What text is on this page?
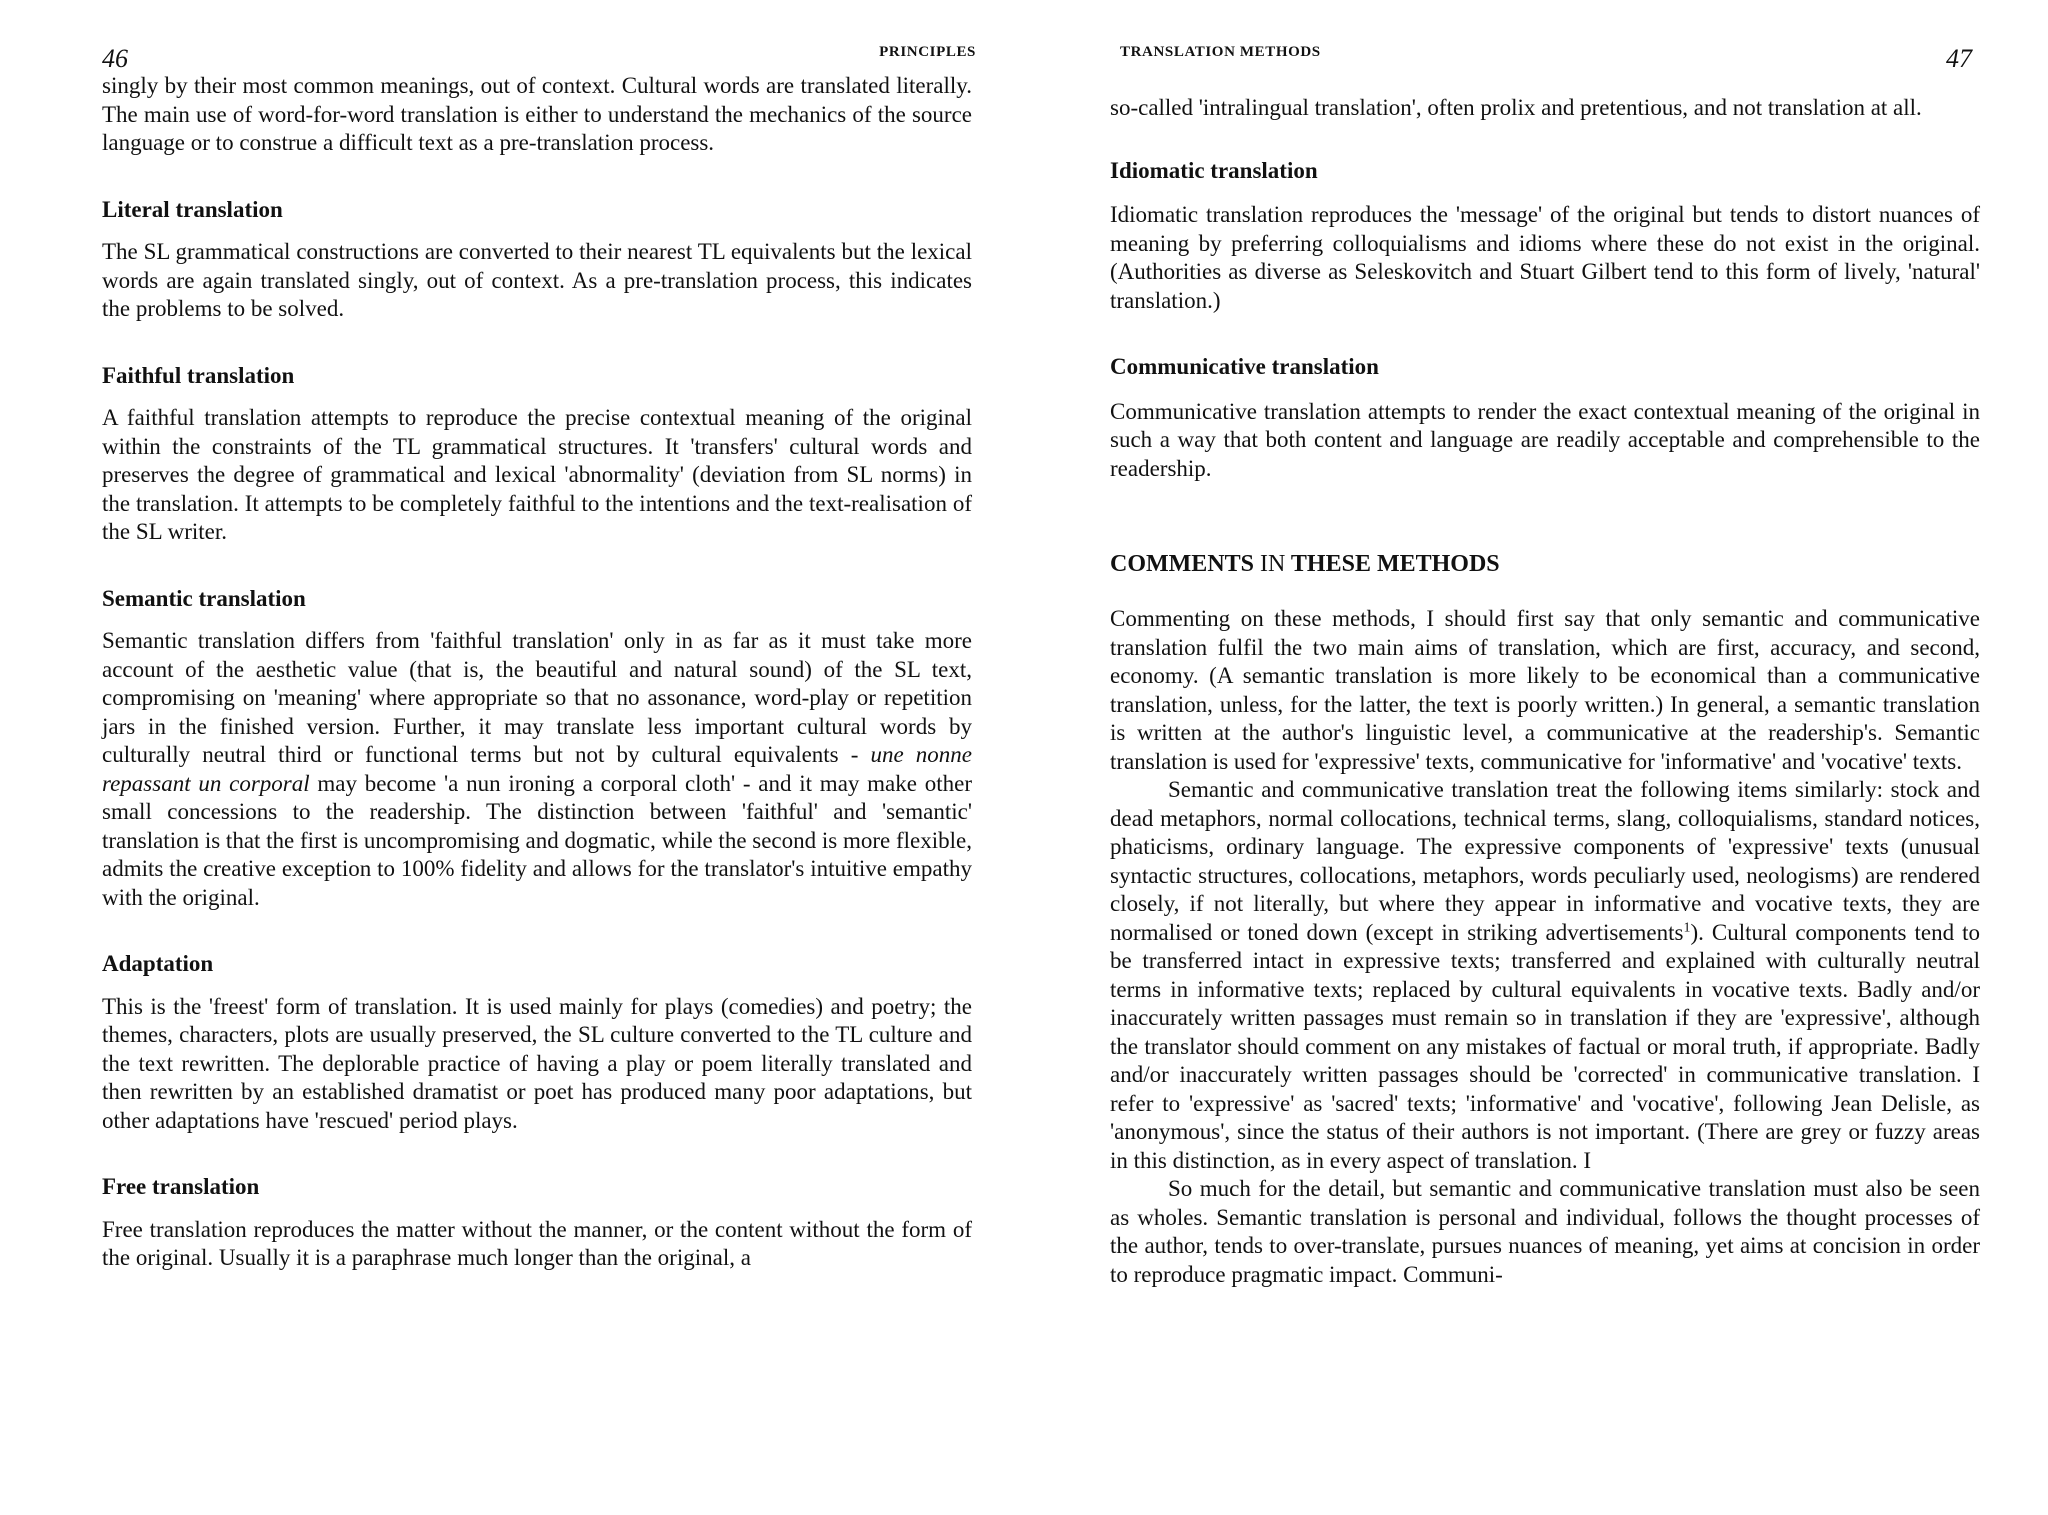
46	PRINCIPLES

singly by their most common meanings, out of context. Cultural words are translated literally. The main use of word-for-word translation is either to understand the mechanics of the source language or to construe a difficult text as a pre-translation process.

Literal translation

The SL grammatical constructions are converted to their nearest TL equivalents but the lexical words are again translated singly, out of context. As a pre-translation process, this indicates the problems to be solved.

Faithful translation

A faithful translation attempts to reproduce the precise contextual meaning of the original within the constraints of the TL grammatical structures. It 'transfers' cultural words and preserves the degree of grammatical and lexical 'abnormality' (deviation from SL norms) in the translation. It attempts to be completely faithful to the intentions and the text-realisation of the SL writer.

Semantic translation

Semantic translation differs from 'faithful translation' only in as far as it must take more account of the aesthetic value (that is, the beautiful and natural sound) of the SL text, compromising on 'meaning' where appropriate so that no assonance, word-play or repetition jars in the finished version. Further, it may translate less important cultural words by culturally neutral third or functional terms but not by cultural equivalents - une nonne repassant un corporal may become 'a nun ironing a corporal cloth' - and it may make other small concessions to the readership. The distinction between 'faithful' and 'semantic' translation is that the first is uncompromising and dogmatic, while the second is more flexible, admits the creative exception to 100% fidelity and allows for the translator's intuitive empathy with the original.

Adaptation

This is the 'freest' form of translation. It is used mainly for plays (comedies) and poetry; the themes, characters, plots are usually preserved, the SL culture converted to the TL culture and the text rewritten. The deplorable practice of having a play or poem literally translated and then rewritten by an established dramatist or poet has produced many poor adaptations, but other adaptations have 'rescued' period plays.

Free translation

Free translation reproduces the matter without the manner, or the content without the form of the original. Usually it is a paraphrase much longer than the original, a

TRANSLATION METHODS	47

so-called 'intralingual translation', often prolix and pretentious, and not translation at all.

Idiomatic translation

Idiomatic translation reproduces the 'message' of the original but tends to distort nuances of meaning by preferring colloquialisms and idioms where these do not exist in the original. (Authorities as diverse as Seleskovitch and Stuart Gilbert tend to this form of lively, 'natural' translation.)

Communicative translation

Communicative translation attempts to render the exact contextual meaning of the original in such a way that both content and language are readily acceptable and comprehensible to the readership.

COMMENTS IN THESE METHODS

Commenting on these methods, I should first say that only semantic and communicative translation fulfil the two main aims of translation, which are first, accuracy, and second, economy. (A semantic translation is more likely to be economical than a communicative translation, unless, for the latter, the text is poorly written.) In general, a semantic translation is written at the author's linguistic level, a communicative at the readership's. Semantic translation is used for 'expressive' texts, communicative for 'informative' and 'vocative' texts.

Semantic and communicative translation treat the following items similarly: stock and dead metaphors, normal collocations, technical terms, slang, colloquialisms, standard notices, phaticisms, ordinary language. The expressive components of 'expressive' texts (unusual syntactic structures, collocations, metaphors, words peculiarly used, neologisms) are rendered closely, if not literally, but where they appear in informative and vocative texts, they are normalised or toned down (except in striking advertisements$^1$). Cultural components tend to be transferred intact in expressive texts; transferred and explained with culturally neutral terms in informative texts; replaced by cultural equivalents in vocative texts. Badly and/or inaccurately written passages must remain so in translation if they are 'expressive', although the translator should comment on any mistakes of factual or moral truth, if appropriate. Badly and/or inaccurately written passages should be 'corrected' in communicative translation. I refer to 'expressive' as 'sacred' texts; 'informative' and 'vocative', following Jean Delisle, as 'anonymous', since the status of their authors is not important. (There are grey or fuzzy areas in this distinction, as in every aspect of translation. I

So much for the detail, but semantic and communicative translation must also be seen as wholes. Semantic translation is personal and individual, follows the thought processes of the author, tends to over-translate, pursues nuances of meaning, yet aims at concision in order to reproduce pragmatic impact. Communi-
